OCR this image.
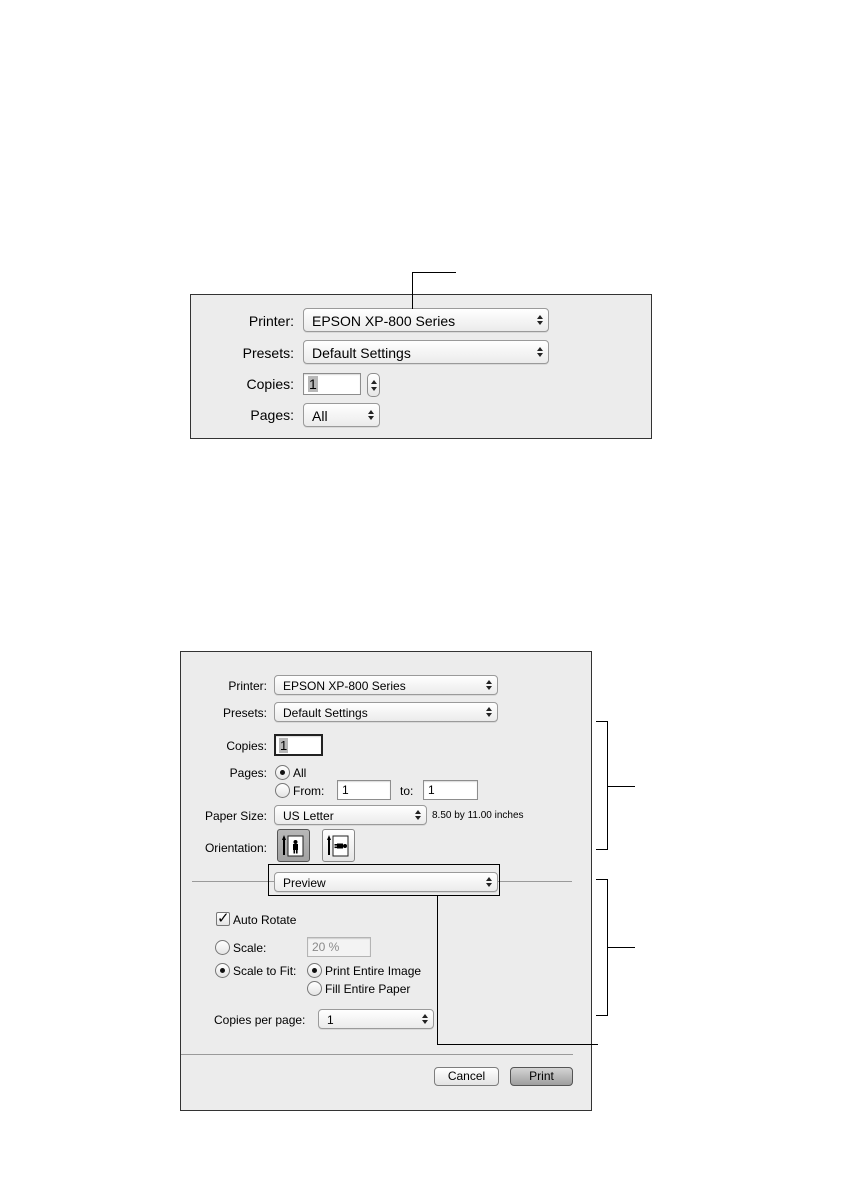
Printer: EPSON XP-800 Series
Presets: Default Settings
Copies: 1
Pages: All
Printer: EPSON XP-800 Series
Presets: Default Settings
Copies: 1
Pages: All
From: 1	to: 1
Paper Size: US Letter	8.50 by 11.00 inches
Orientation:
Preview
✓ Auto Rotate
Scale:	20 %
Scale to Fit: Print Entire Image
Fill Entire Paper
Copies per page: 1
Cancel	Print
